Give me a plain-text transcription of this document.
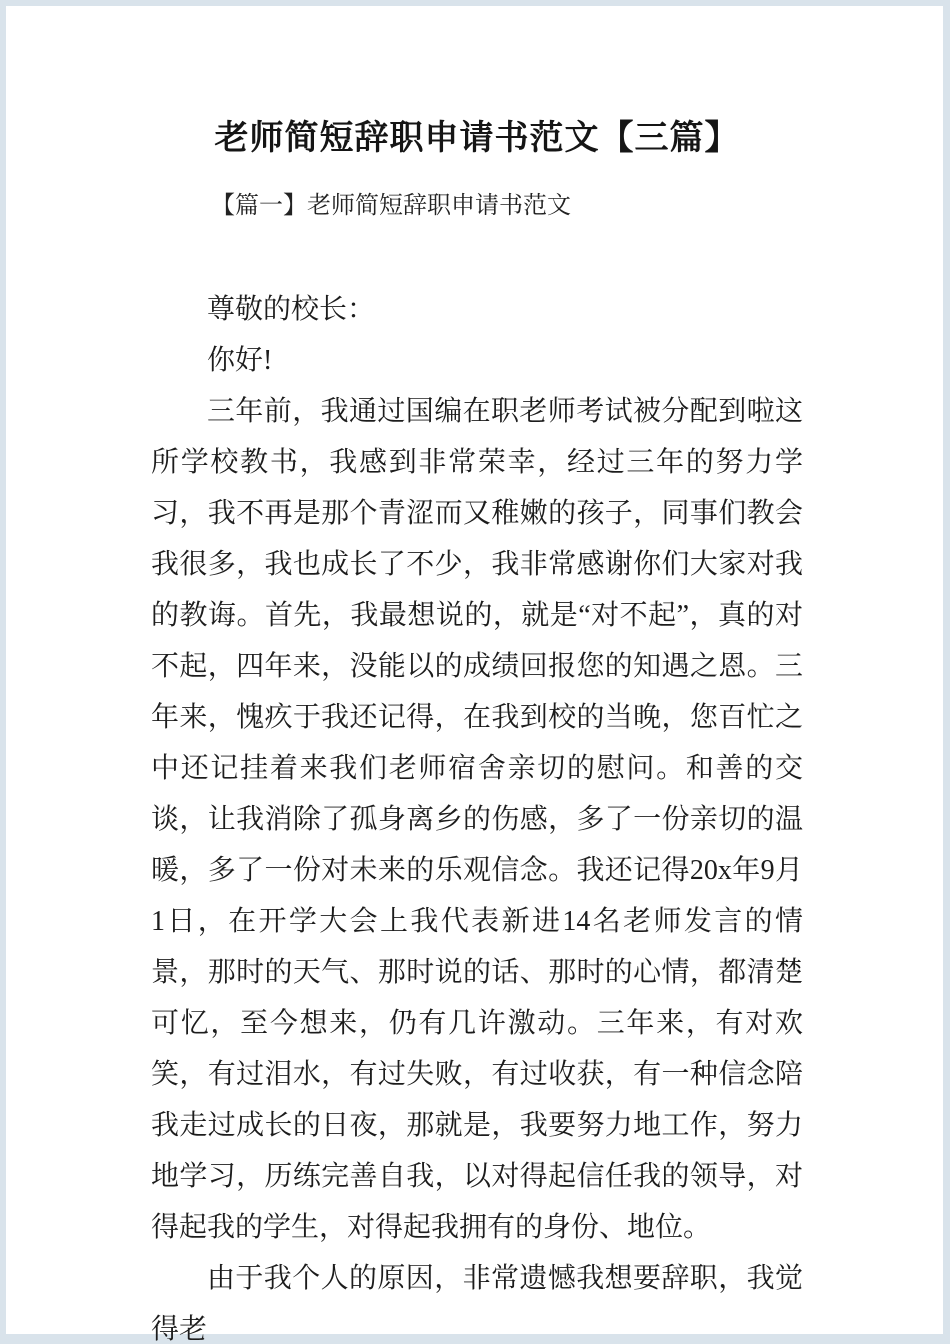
老师简短辞职申请书范文【三篇】

【篇一】老师简短辞职申请书范文

尊敬的校长：

你好!

三年前，我通过国编在职老师考试被分配到啦这所学校教书，我感到非常荣幸，经过三年的努力学习，我不再是那个青涩而又稚嫩的孩子，同事们教会我很多，我也成长了不少，我非常感谢你们大家对我的教诲。首先，我最想说的，就是“对不起”，真的对不起，四年来，没能以的成绩回报您的知遇之恩。三年来，愧疚于我还记得，在我到校的当晚，您百忙之中还记挂着来我们老师宿舍亲切的慰问。和善的交谈，让我消除了孤身离乡的伤感，多了一份亲切的温暖，多了一份对未来的乐观信念。我还记得20x年9月1日，在开学大会上我代表新进14名老师发言的情景，那时的天气、那时说的话、那时的心情，都清楚可忆，至今想来，仍有几许激动。三年来，有对欢笑，有过泪水，有过失败，有过收获，有一种信念陪我走过成长的日夜，那就是，我要努力地工作，努力地学习，历练完善自我，以对得起信任我的领导，对得起我的学生，对得起我拥有的身份、地位。

由于我个人的原因，非常遗憾我想要辞职，我觉得老
